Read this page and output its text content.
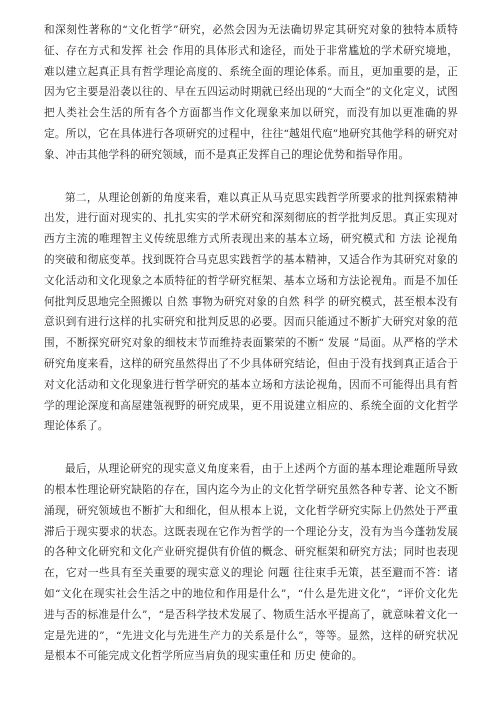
和深刻性著称的“文化哲学”研究，必然会因为无法确切界定其研究对象的独特本质特征、存在方式和发挥 社会 作用的具体形式和途径，而处于非常尴尬的学术研究境地，难以建立起真正具有哲学理论高度的、系统全面的理论体系。而且，更加重要的是，正因为它主要是沿袭以往的、早在五四运动时期就已经出现的“大而全”的文化定义，试图把人类社会生活的所有各个方面都当作文化现象来加以研究，而没有加以更准确的界定。所以，它在具体进行各项研究的过程中，往往“越俎代庖”地研究其他学科的研究对象、冲击其他学科的研究领域，而不是真正发挥自己的理论优势和指导作用。

第二，从理论创新的角度来看，难以真正从马克思实践哲学所要求的批判探索精神出发，进行面对现实的、扎扎实实的学术研究和深刻彻底的哲学批判反思。真正实现对西方主流的唯理智主义传统思维方式所表现出来的基本立场，研究模式和 方法 论视角的突破和彻底变革。找到既符合马克思实践哲学的基本精神，又适合作为其研究对象的文化活动和文化现象之本质特征的哲学研究框架、基本立场和方法论视角。而是不加任何批判反思地完全照搬以 自然 事物为研究对象的自然 科学 的研究模式，甚至根本没有意识到有进行这样的扎实研究和批判反思的必要。因而只能通过不断扩大研究对象的范围，不断探究研究对象的细枝末节而维持表面繁荣的不断“ 发展 ”局面。从严格的学术研究角度来看，这样的研究虽然得出了不少具体研究结论，但由于没有找到真正适合于对文化活动和文化现象进行哲学研究的基本立场和方法论视角，因而不可能得出具有哲学的理论深度和高屋建瓴视野的研究成果，更不用说建立相应的、系统全面的文化哲学理论体系了。

最后，从理论研究的现实意义角度来看，由于上述两个方面的基本理论难题所导致的根本性理论研究缺陷的存在，国内迄今为止的文化哲学研究虽然各种专著、论文不断涌现，研究领域也不断扩大和细化，但从根本上说，文化哲学研究实际上仍然处于严重滞后于现实要求的状态。这既表现在它作为哲学的一个理论分支，没有为当今蓬勃发展的各种文化研究和文化产业研究提供有价值的概念、研究框架和研究方法；同时也表现在，它对一些具有至关重要的现实意义的理论 问题 往往束手无策，甚至避而不答：诸如“文化在现实社会生活之中的地位和作用是什么”，“什么是先进文化”，“评价文化先进与否的标准是什么”，“是否科学技术发展了、物质生活水平提高了，就意味着文化一定是先进的”，“先进文化与先进生产力的关系是什么”，等等。显然，这样的研究状况是根本不可能完成文化哲学所应当肩负的现实重任和 历史 使命的。
